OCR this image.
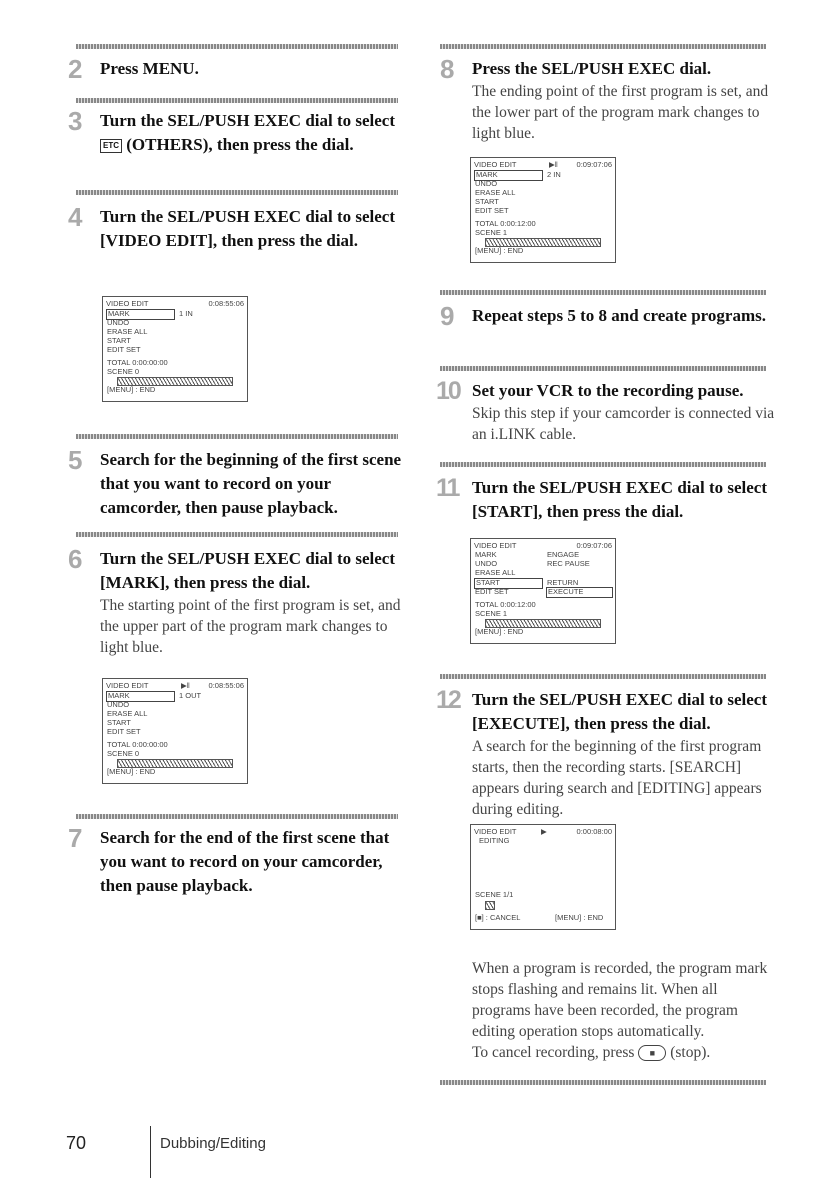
2 Press MENU.
3 Turn the SEL/PUSH EXEC dial to select ETC (OTHERS), then press the dial.
4 Turn the SEL/PUSH EXEC dial to select [VIDEO EDIT], then press the dial.
VIDEO EDIT	0:08:55:06
MARK	1 IN
UNDO
ERASE ALL
START
EDIT SET
TOTAL 0:00:00:00
SCENE 0
[MENU] : END
5 Search for the beginning of the first scene that you want to record on your camcorder, then pause playback.
6 Turn the SEL/PUSH EXEC dial to select [MARK], then press the dial.
The starting point of the first program is set, and the upper part of the program mark changes to light blue.
VIDEO EDIT	▶‖ 0:08:55:06
MARK	1 OUT
UNDO
ERASE ALL
START
EDIT SET
TOTAL 0:00:00:00
SCENE 0
[MENU] : END
7 Search for the end of the first scene that you want to record on your camcorder, then pause playback.
8 Press the SEL/PUSH EXEC dial.
The ending point of the first program is set, and the lower part of the program mark changes to light blue.
VIDEO EDIT	▶‖ 0:09:07:06
MARK	2 IN
UNDO
ERASE ALL
START
EDIT SET
TOTAL 0:00:12:00
SCENE 1
[MENU] : END
9 Repeat steps 5 to 8 and create programs.
10 Set your VCR to the recording pause.
Skip this step if your camcorder is connected via an i.LINK cable.
11 Turn the SEL/PUSH EXEC dial to select [START], then press the dial.
VIDEO EDIT	0:09:07:06
MARK
UNDO
ERASE ALL
START
EDIT SET
ENGAGE
REC PAUSE
RETURN
EXECUTE
TOTAL 0:00:12:00
SCENE 1
[MENU] : END
12 Turn the SEL/PUSH EXEC dial to select [EXECUTE], then press the dial.
A search for the beginning of the first program starts, then the recording starts. [SEARCH] appears during search and [EDITING] appears during editing.
VIDEO EDIT	▶	0:00:08:00
EDITING
SCENE 1/1
[■] : CANCEL	[MENU] : END
When a program is recorded, the program mark stops flashing and remains lit. When all programs have been recorded, the program editing operation stops automatically.
To cancel recording, press ■ (stop).
70	Dubbing/Editing
